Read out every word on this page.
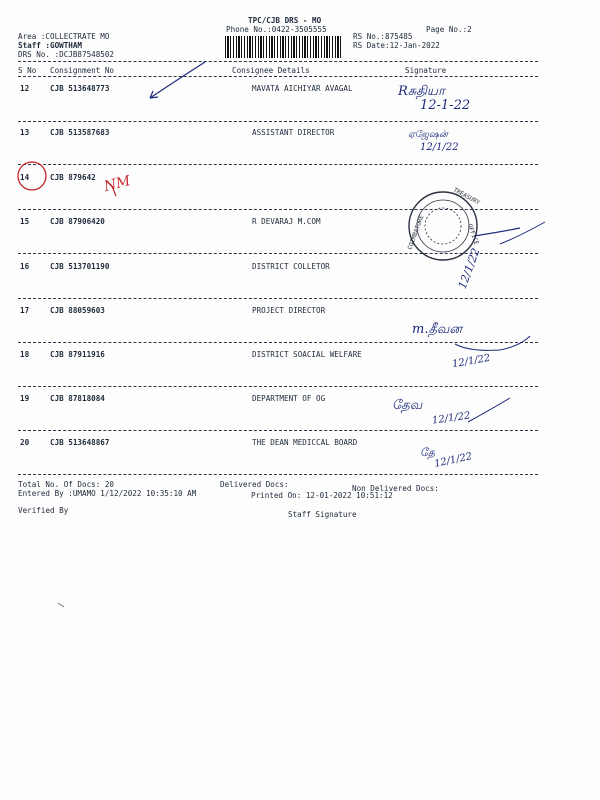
TPC/CJB DRS - MO
Phone No.:0422-3505555	Page No.:2
Area :COLLECTRATE MO
Staff :GOWTHAM
DRS No. :DCJB87548502
RS No.:875485
RS Date:12-Jan-2022
S No Consignment No	Consignee Details	Signature
12	CJB 513648773	MAVATA AICHIYAR AVAGAL
13	CJB 513587683	ASSISTANT DIRECTOR
14	CJB 879642
15	CJB 87906420	R DEVARAJ M.COM
16	CJB 513701190	DISTRICT COLLETOR
17	CJB 88059603	PROJECT DIRECTOR
18	CJB 87911916	DISTRICT SOACIAL WELFARE
19	CJB 87818084	DEPARTMENT OF OG
20	CJB 513648867	THE DEAN MEDICCAL BOARD
Total No. Of Docs: 20	Delivered Docs:	Non Delivered Docs:
Entered By :UMAMO 1/12/2022 10:35:10 AM	Printed On: 12-01-2022 10:51:12
Verified By	Staff Signature
Rசுதியா
12-1-22
ஏஜேஷன்
12/1/22
NM
12/1/22
m.தீவன
12/1/22
தேவ
12/1/22
தே
12/1/22
TREASURY
COIMBATORE	OFFICE
